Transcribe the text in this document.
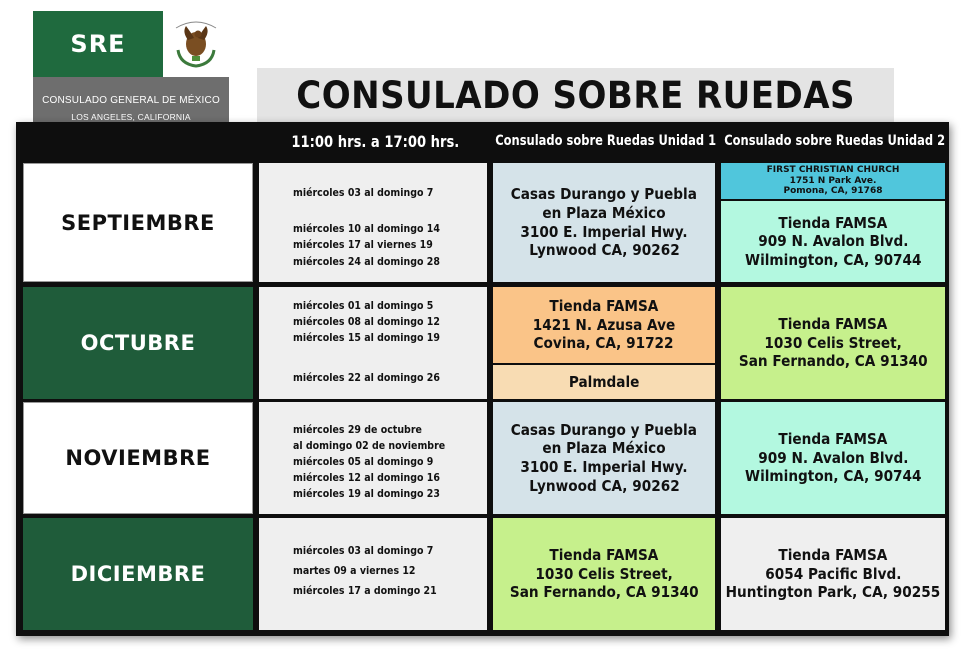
SRE
CONSULADO GENERAL DE MÉXICO
LOS ANGELES, CALIFORNIA	CONSULADO SOBRE RUEDAS
11:00 hrs. a 17:00 hrs.	Consulado sobre Ruedas Unidad 1 Consulado sobre Ruedas Unidad 2
SEPTIEMBRE
miércoles 03 al domingo 7
miércoles 10 al domingo 14
miércoles 17 al viernes 19
miércoles 24 al domingo 28
Casas Durango y Puebla
en Plaza México
3100 E. Imperial Hwy.
Lynwood CA, 90262
FIRST CHRISTIAN CHURCH
1751 N Park Ave.
Pomona, CA, 91768
Tienda FAMSA
909 N. Avalon Blvd.
Wilmington, CA, 90744
OCTUBRE
miércoles 01 al domingo 5
miércoles 08 al domingo 12
miércoles 15 al domingo 19
miércoles 22 al domingo 26
Tienda FAMSA
1421 N. Azusa Ave
Covina, CA, 91722
Palmdale
Tienda FAMSA
1030 Celis Street,
San Fernando, CA 91340
NOVIEMBRE
miércoles 29 de octubre
al domingo 02 de noviembre
miércoles 05 al domingo 9
miércoles 12 al domingo 16
miércoles 19 al domingo 23
Casas Durango y Puebla
en Plaza México
3100 E. Imperial Hwy.
Lynwood CA, 90262
Tienda FAMSA
909 N. Avalon Blvd.
Wilmington, CA, 90744
DICIEMBRE
miércoles 03 al domingo 7
martes 09 a viernes 12
miércoles 17 a domingo 21
Tienda FAMSA
1030 Celis Street,
San Fernando, CA 91340
Tienda FAMSA
6054 Pacific Blvd.
Huntington Park, CA, 90255
